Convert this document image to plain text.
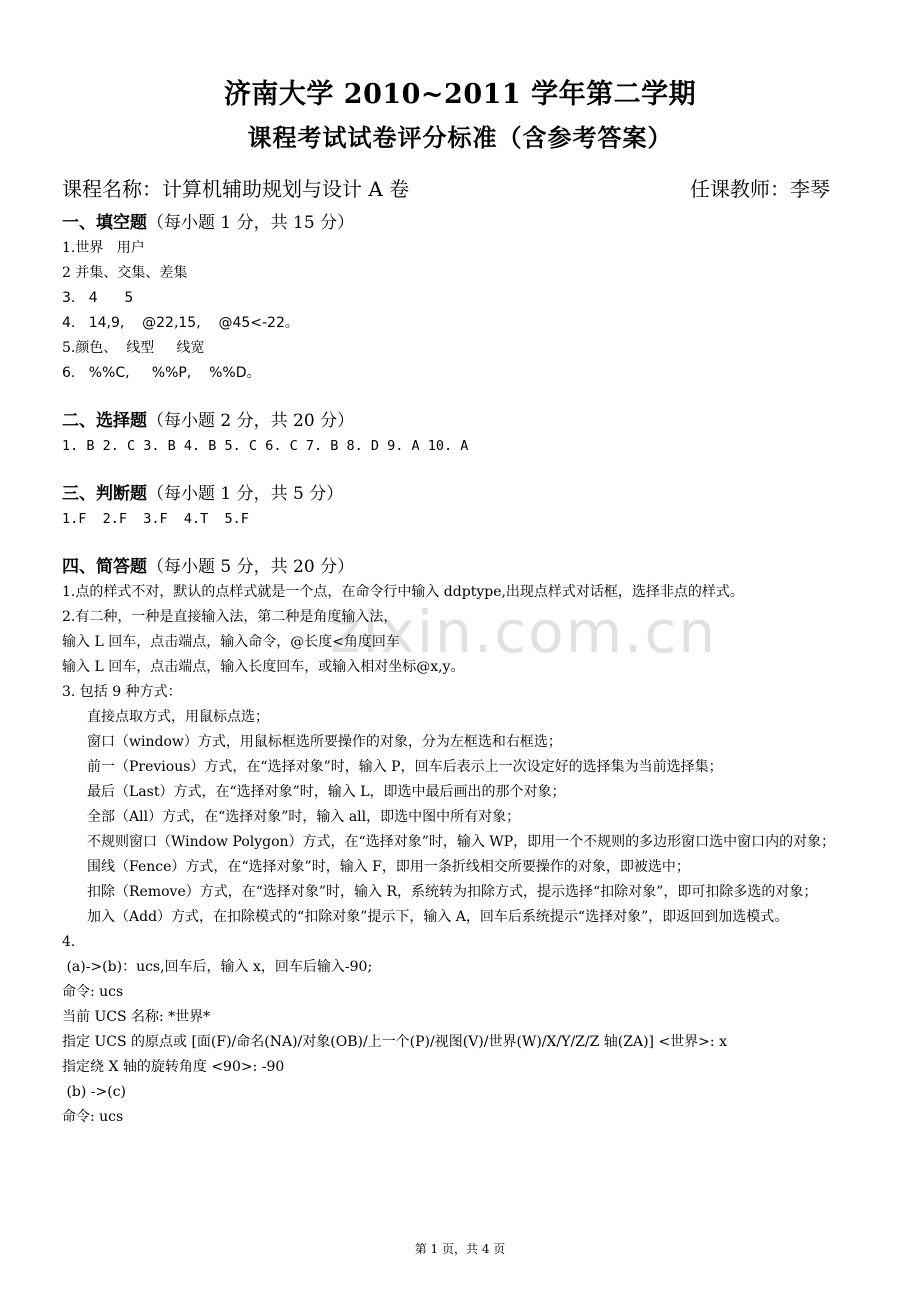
zixin.com.cn
济南大学 2010~2011 学年第二学期
课程考试试卷评分标准（含参考答案）
课程名称：计算机辅助规划与设计 A 卷	任课教师：李琴

一、填空题（每小题 1 分，共 15 分）

1.世界   用户

2 并集、交集、差集

3.   4      5

4.   14,9,    @22,15,    @45<-22。

5.颜色、  线型     线宽

6.   %%C,     %%P,    %%D。

二、选择题（每小题 2 分，共 20 分）

1. B 2. C 3. B 4. B 5. C 6. C 7. B 8. D 9. A 10. A

三、判断题（每小题 1 分，共 5 分）

1.F  2.F  3.F  4.T  5.F

四、简答题（每小题 5 分，共 20 分）

1.点的样式不对，默认的点样式就是一个点，在命令行中输入 ddptype,出现点样式对话框，选择非点的样式。

2.有二种，一种是直接输入法，第二种是角度输入法，

输入 L 回车，点击端点，输入命令，@长度<角度回车

输入 L 回车，点击端点，输入长度回车，或输入相对坐标@x,y。

3. 包括 9 种方式：

直接点取方式，用鼠标点选；

窗口（window）方式，用鼠标框选所要操作的对象，分为左框选和右框选；

前一（Previous）方式，在“选择对象”时，输入 P，回车后表示上一次设定好的选择集为当前选择集；

最后（Last）方式，在“选择对象”时，输入 L，即选中最后画出的那个对象；

全部（All）方式，在“选择对象”时，输入 all，即选中图中所有对象；

不规则窗口（Window Polygon）方式，在“选择对象”时，输入 WP，即用一个不规则的多边形窗口选中窗口内的对象；

围线（Fence）方式，在“选择对象”时，输入 F，即用一条折线相交所要操作的对象，即被选中；

扣除（Remove）方式，在“选择对象”时，输入 R，系统转为扣除方式，提示选择“扣除对象”，即可扣除多选的对象；

加入（Add）方式，在扣除模式的“扣除对象”提示下，输入 A，回车后系统提示“选择对象”，即返回到加选模式。

4.

(a)->(b)：ucs,回车后，输入 x，回车后输入-90;

命令: ucs

当前 UCS 名称: *世界*

指定 UCS 的原点或 [面(F)/命名(NA)/对象(OB)/上一个(P)/视图(V)/世界(W)/X/Y/Z/Z 轴(ZA)] <世界>: x

指定绕 X 轴的旋转角度 <90>: -90

(b) ->(c)

命令: ucs

第 1 页，共 4 页
